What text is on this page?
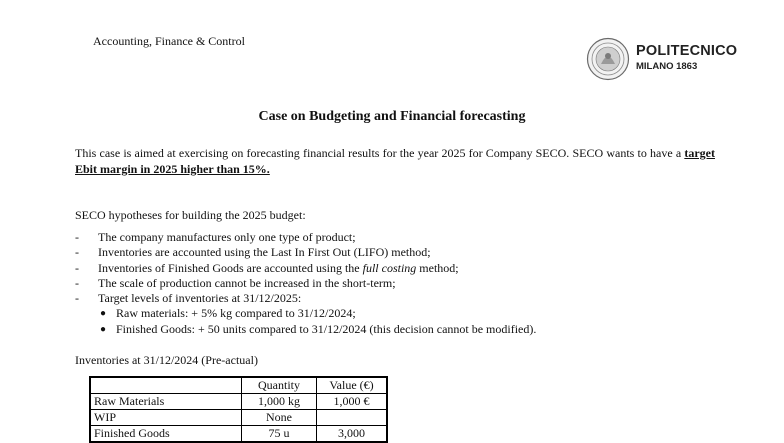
Accounting, Finance & Control
POLITECNICO
MILANO 1863
Case on Budgeting and Financial forecasting
This case is aimed at exercising on forecasting financial results for the year 2025 for Company SECO. SECO wants to have a target Ebit margin in 2025 higher than 15%.
SECO hypotheses for building the 2025 budget:
- The company manufactures only one type of product;
- Inventories are accounted using the Last In First Out (LIFO) method;
- Inventories of Finished Goods are accounted using the full costing method;
- The scale of production cannot be increased in the short-term;
- Target levels of inventories at 31/12/2025:
● Raw materials: + 5% kg compared to 31/12/2024;
● Finished Goods: + 50 units compared to 31/12/2024 (this decision cannot be modified).
Inventories at 31/12/2024 (Pre-actual)
	Quantity	Value (€)
Raw Materials	1,000 kg	1,000 €
WIP	None	
Finished Goods	75 u	3,000
